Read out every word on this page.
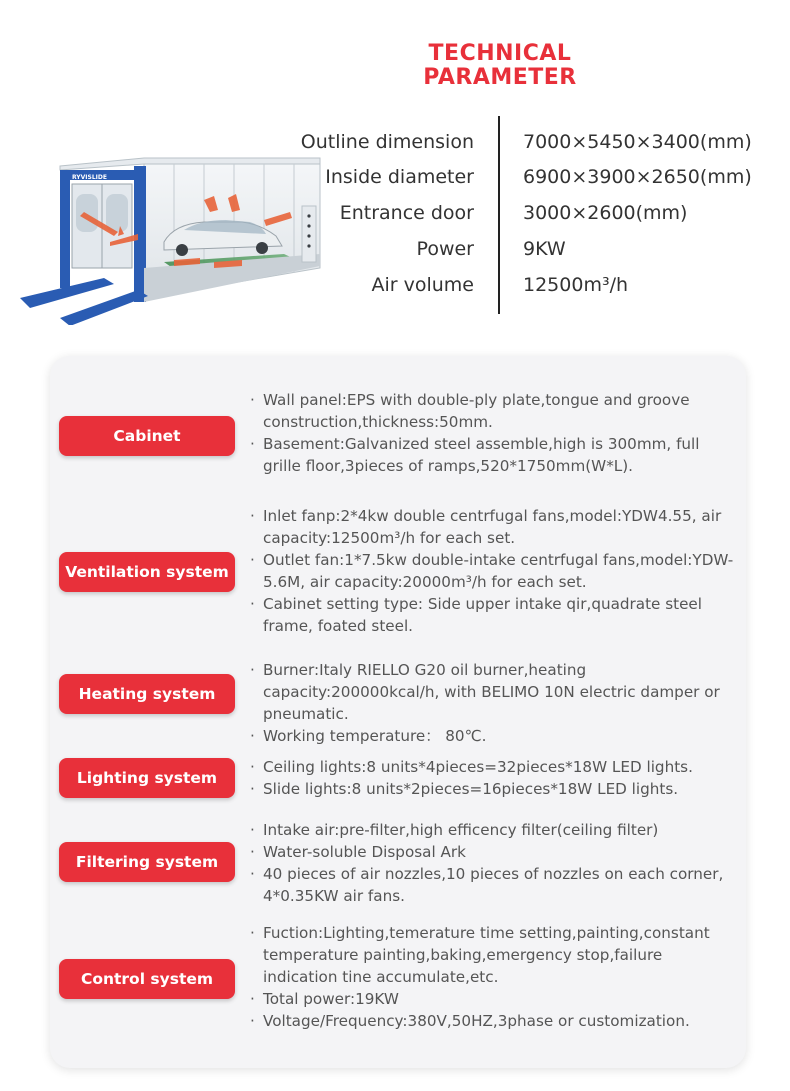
TECHNICAL
PARAMETER
RYVISLIDE
Outline dimension	7000×5450×3400(mm)
Inside diameter	6900×3900×2650(mm)
Entrance door	3000×2600(mm)
Power	9KW
Air volume	12500m³/h
Cabinet
· Wall panel:EPS with double-ply plate,tongue and groove construction,thickness:50mm.
· Basement:Galvanized steel assemble,high is 300mm, full grille floor,3pieces of ramps,520*1750mm(W*L).
Ventilation system
· Inlet fanp:2*4kw double centrfugal fans,model:YDW4.55, air capacity:12500m³/h for each set.
· Outlet fan:1*7.5kw double-intake centrfugal fans,model:YDW-5.6M, air capacity:20000m³/h for each set.
· Cabinet setting type: Side upper intake qir,quadrate steel frame, foated steel.
Heating system
· Burner:Italy RIELLO G20 oil burner,heating capacity:200000kcal/h, with BELIMO 10N electric damper or pneumatic.
· Working temperature： 80℃.
Lighting system
· Ceiling lights:8 units*4pieces=32pieces*18W LED lights.
· Slide lights:8 units*2pieces=16pieces*18W LED lights.
Filtering system
· Intake air:pre-filter,high efficency filter(ceiling filter)
· Water-soluble Disposal Ark
· 40 pieces of air nozzles,10 pieces of nozzles on each corner, 4*0.35KW air fans.
Control system
· Fuction:Lighting,temerature time setting,painting,constant temperature painting,baking,emergency stop,failure indication tine accumulate,etc.
· Total power:19KW
· Voltage/Frequency:380V,50HZ,3phase or customization.
